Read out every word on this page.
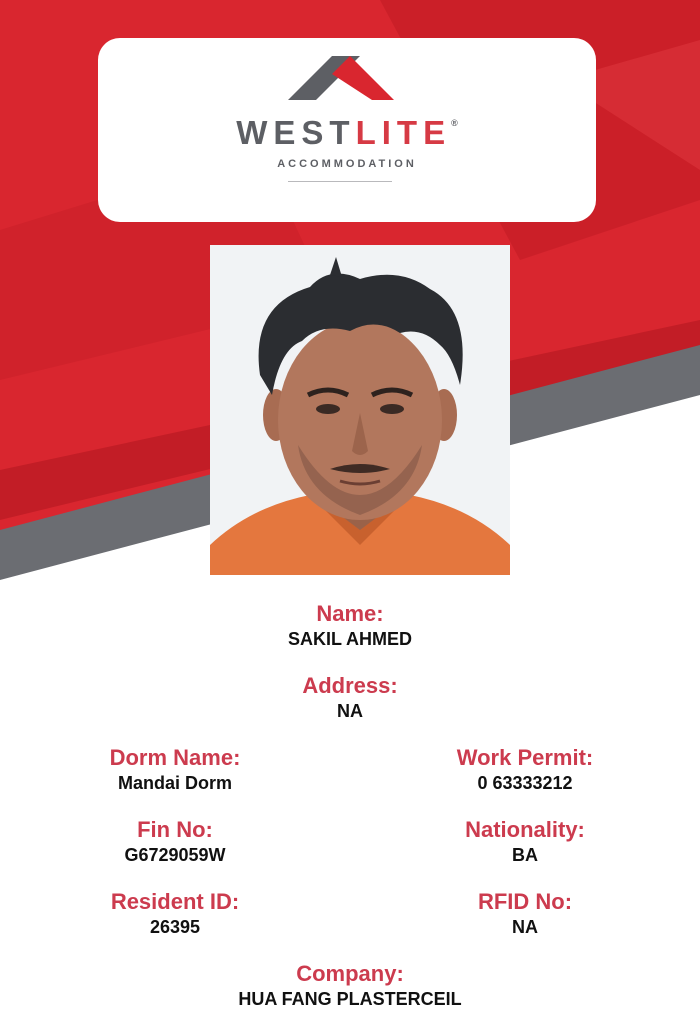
WESTLITE®
ACCOMMODATION
Name:
SAKIL AHMED
Address:
NA
Dorm Name:
Mandai Dorm
Work Permit:
0 63333212
Fin No:
G6729059W
Nationality:
BA
Resident ID:
26395
RFID No:
NA
Company:
HUA FANG PLASTERCEIL
